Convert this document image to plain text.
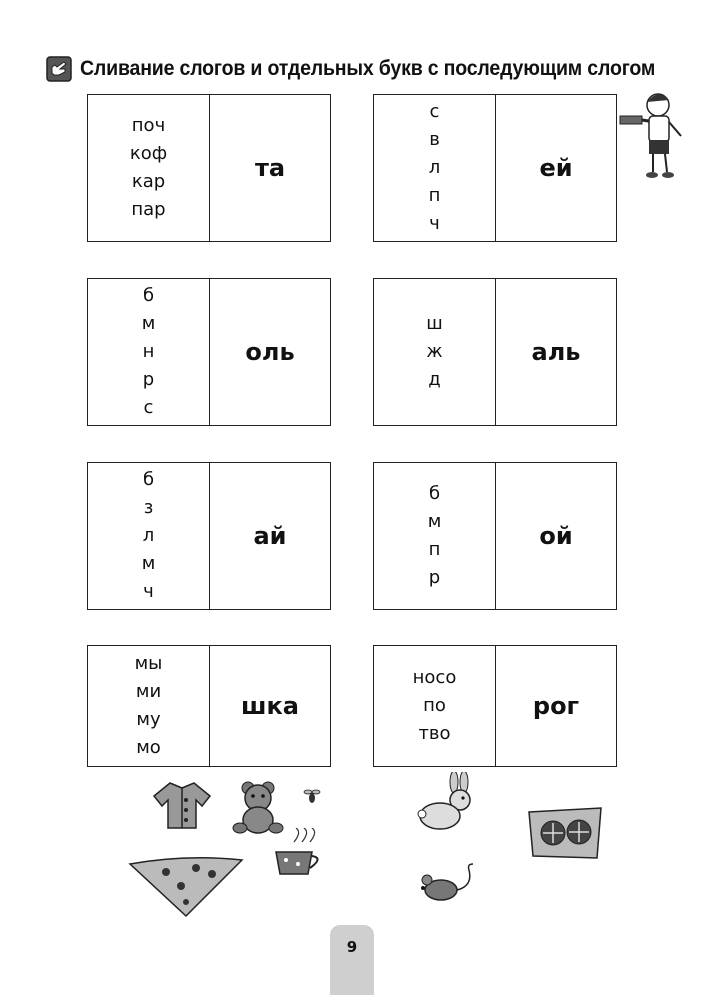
Сливание слогов и отдельных букв с последующим слогом
поч
коф
кар
пар
та
с
в
л
п
ч
ей
б
м
н
р
с
оль
ш
ж
д
аль
б
з
л
м
ч
ай
б
м
п
р
ой
мы
ми
му
мо
шка
носо
по
тво
рог
9
